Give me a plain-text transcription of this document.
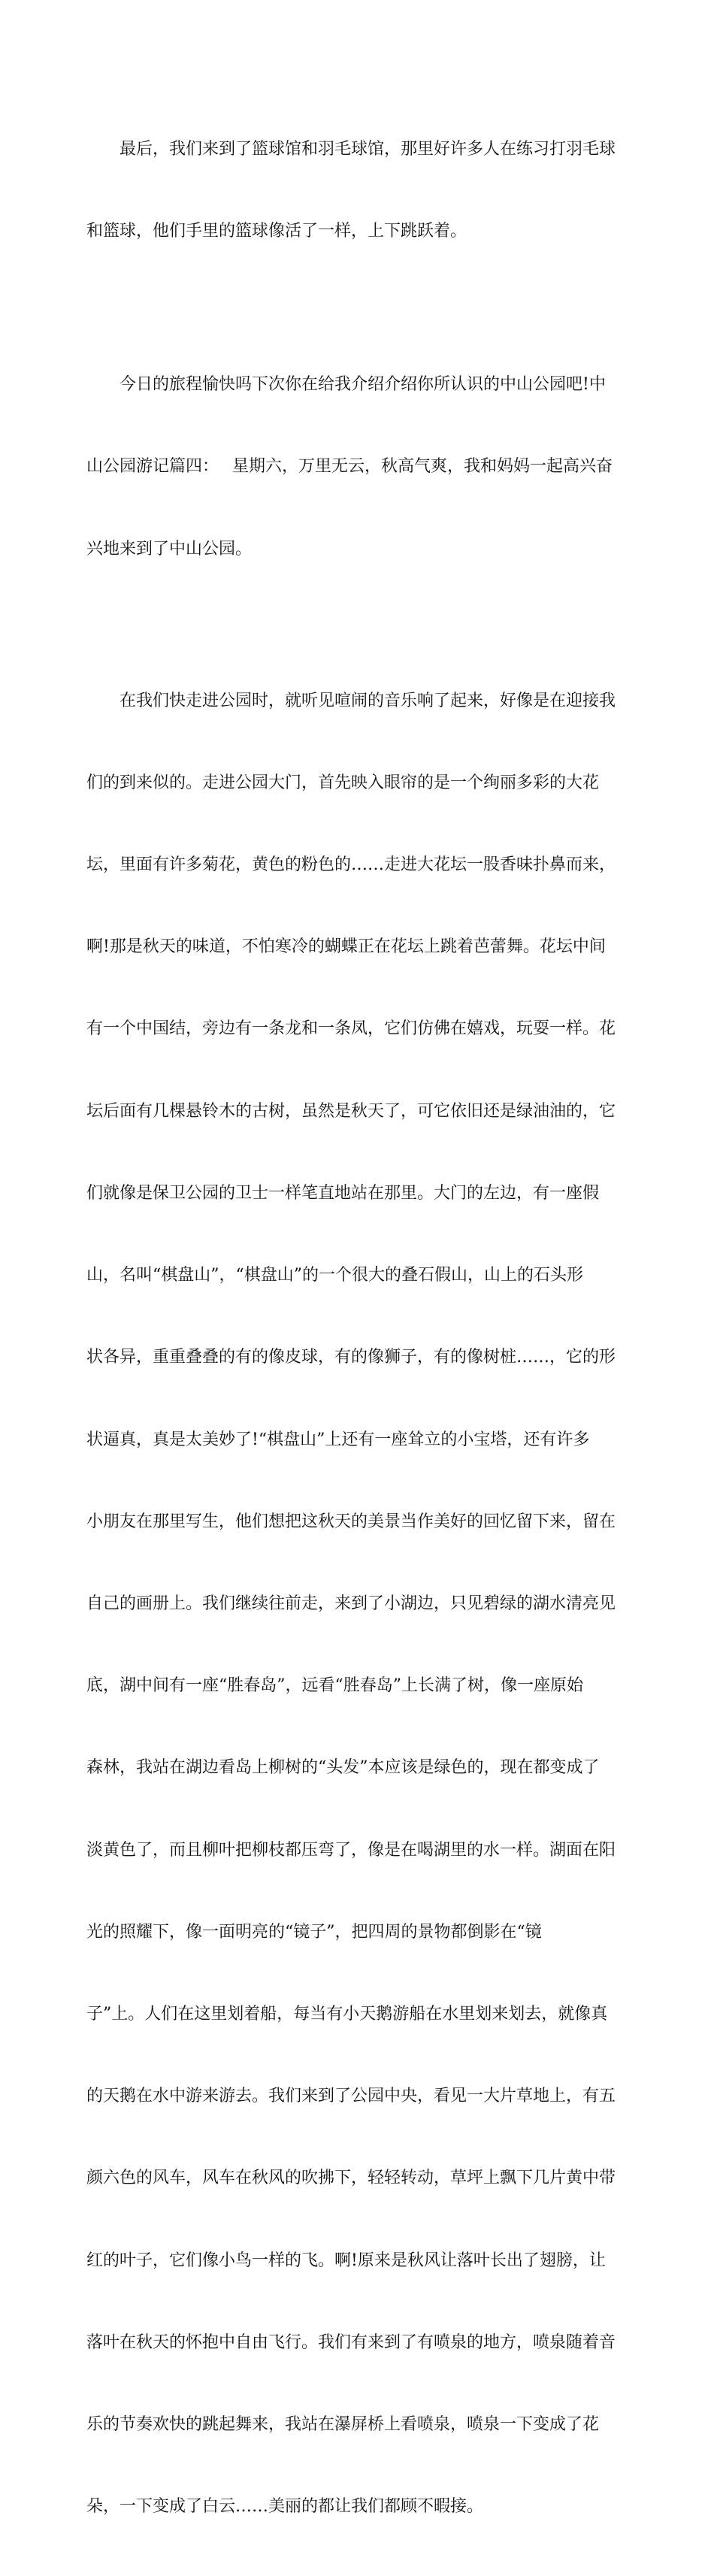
　　最后，我们来到了篮球馆和羽毛球馆，那里好许多人在练习打羽毛球

和篮球，他们手里的篮球像活了一样，上下跳跃着。

　　今日的旅程愉快吗下次你在给我介绍介绍你所认识的中山公园吧!中

山公园游记篇四：　 星期六，万里无云，秋高气爽，我和妈妈一起高兴奋

兴地来到了中山公园。

　　在我们快走进公园时，就听见喧闹的音乐响了起来，好像是在迎接我

们的到来似的。走进公园大门，首先映入眼帘的是一个绚丽多彩的大花

坛，里面有许多菊花，黄色的粉色的……走进大花坛一股香味扑鼻而来，

啊!那是秋天的味道，不怕寒冷的蝴蝶正在花坛上跳着芭蕾舞。花坛中间

有一个中国结，旁边有一条龙和一条凤，它们仿佛在嬉戏，玩耍一样。花

坛后面有几棵悬铃木的古树，虽然是秋天了，可它依旧还是绿油油的，它

们就像是保卫公园的卫士一样笔直地站在那里。大门的左边，有一座假

山，名叫“棋盘山”，“棋盘山”的一个很大的叠石假山，山上的石头形

状各异，重重叠叠的有的像皮球，有的像狮子，有的像树桩……，它的形

状逼真，真是太美妙了!“棋盘山”上还有一座耸立的小宝塔，还有许多

小朋友在那里写生，他们想把这秋天的美景当作美好的回忆留下来，留在

自己的画册上。我们继续往前走，来到了小湖边，只见碧绿的湖水清亮见

底，湖中间有一座“胜春岛”，远看“胜春岛”上长满了树，像一座原始

森林，我站在湖边看岛上柳树的“头发”本应该是绿色的，现在都变成了

淡黄色了，而且柳叶把柳枝都压弯了，像是在喝湖里的水一样。湖面在阳

光的照耀下，像一面明亮的“镜子”，把四周的景物都倒影在“镜

子”上。人们在这里划着船，每当有小天鹅游船在水里划来划去，就像真

的天鹅在水中游来游去。我们来到了公园中央，看见一大片草地上，有五

颜六色的风车，风车在秋风的吹拂下，轻轻转动，草坪上飘下几片黄中带

红的叶子，它们像小鸟一样的飞。啊!原来是秋风让落叶长出了翅膀，让

落叶在秋天的怀抱中自由飞行。我们有来到了有喷泉的地方，喷泉随着音

乐的节奏欢快的跳起舞来，我站在瀑屏桥上看喷泉，喷泉一下变成了花

朵，一下变成了白云……美丽的都让我们都顾不暇接。
